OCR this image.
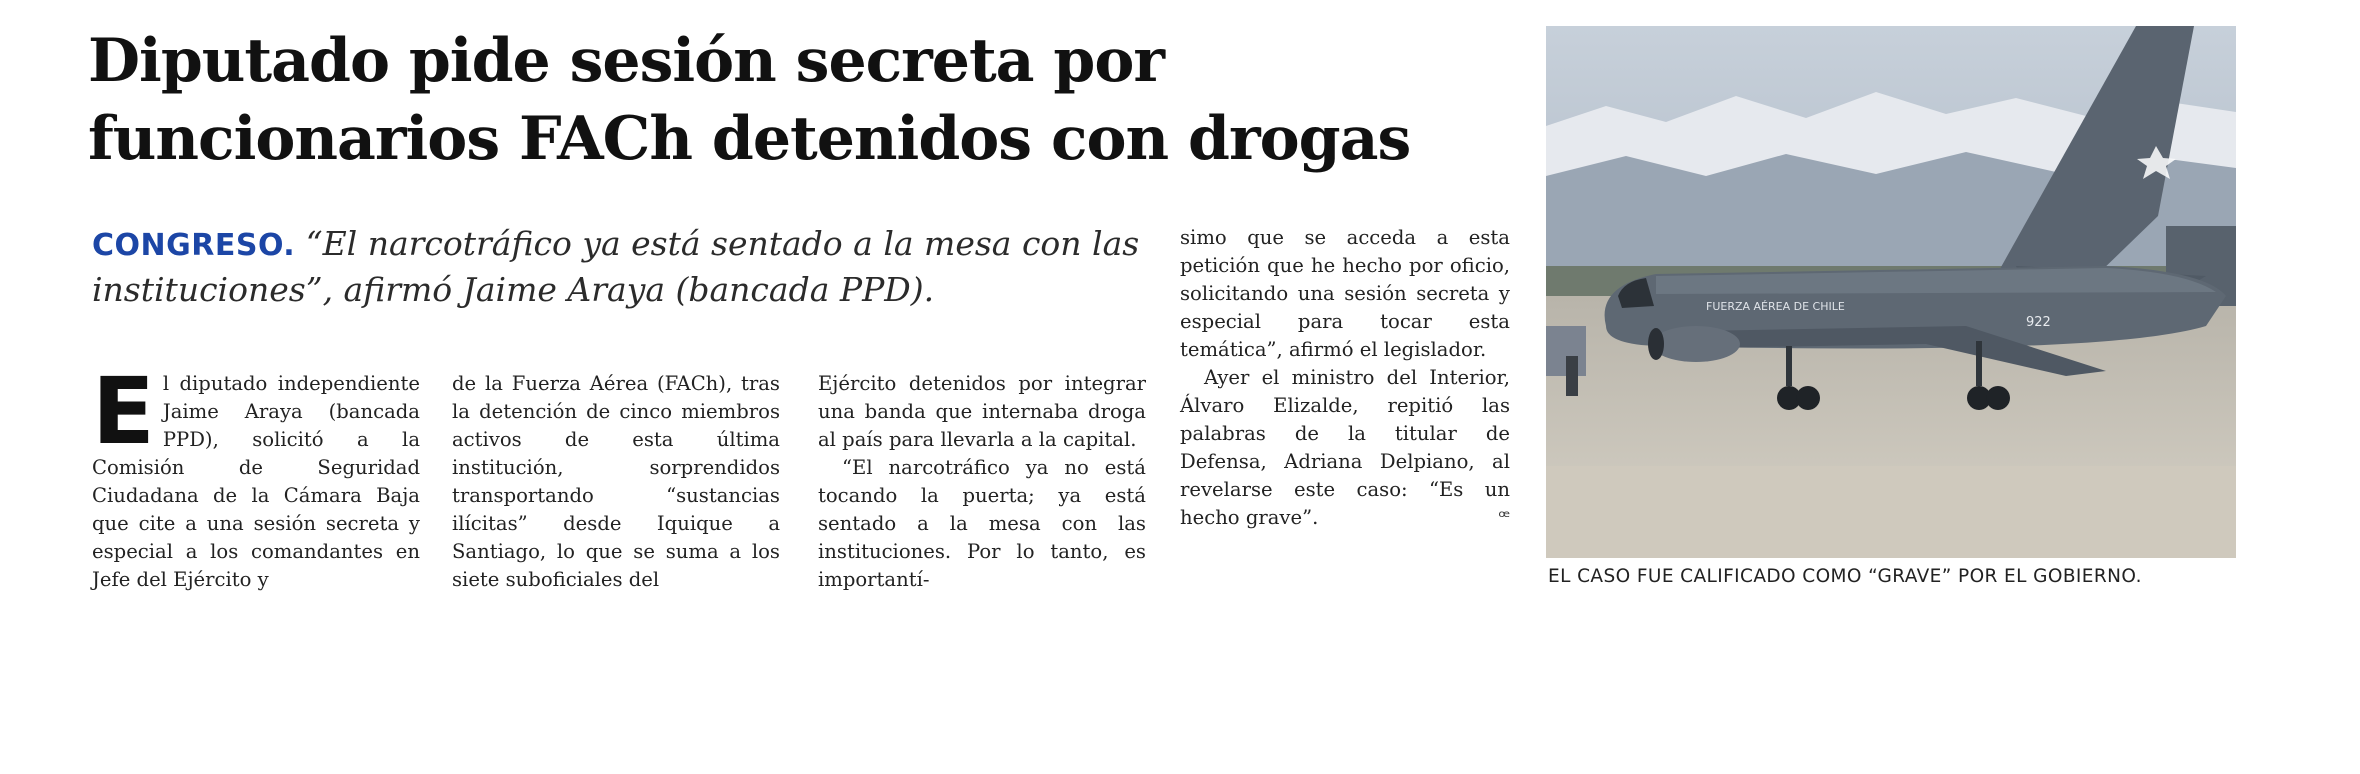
Diputado pide sesión secreta por
funcionarios FACh detenidos con drogas
CONGRESO. “El narcotráfico ya está sentado a la mesa con las instituciones”, afirmó Jaime Araya (bancada PPD).

E l diputado independiente Jaime Araya (bancada PPD), solicitó a la Comisión de Seguridad Ciudadana de la Cámara Baja que cite a una sesión secreta y especial a los comandantes en Jefe del Ejército y

de la Fuerza Aérea (FACh), tras la detención de cinco miembros activos de esta última institución, sorprendidos transportando “sustancias ilícitas” desde Iquique a Santiago, lo que se suma a los siete suboficiales del

Ejército detenidos por integrar una banda que internaba droga al país para llevarla a la capital.

“El narcotráfico ya no está tocando la puerta; ya está sentado a la mesa con las instituciones. Por lo tanto, es importantí-

simo que se acceda a esta petición que he hecho por oficio, solicitando una sesión secreta y especial para tocar esta temática”, afirmó el legislador.

Ayer el ministro del Interior, Álvaro Elizalde, repitió las palabras de la titular de Defensa, Adriana Delpiano, al revelarse este caso: “Es un hecho grave”.	ꟹ

FUERZA AÉREA DE CHILE
922
EL CASO FUE CALIFICADO COMO “GRAVE” POR EL GOBIERNO.
